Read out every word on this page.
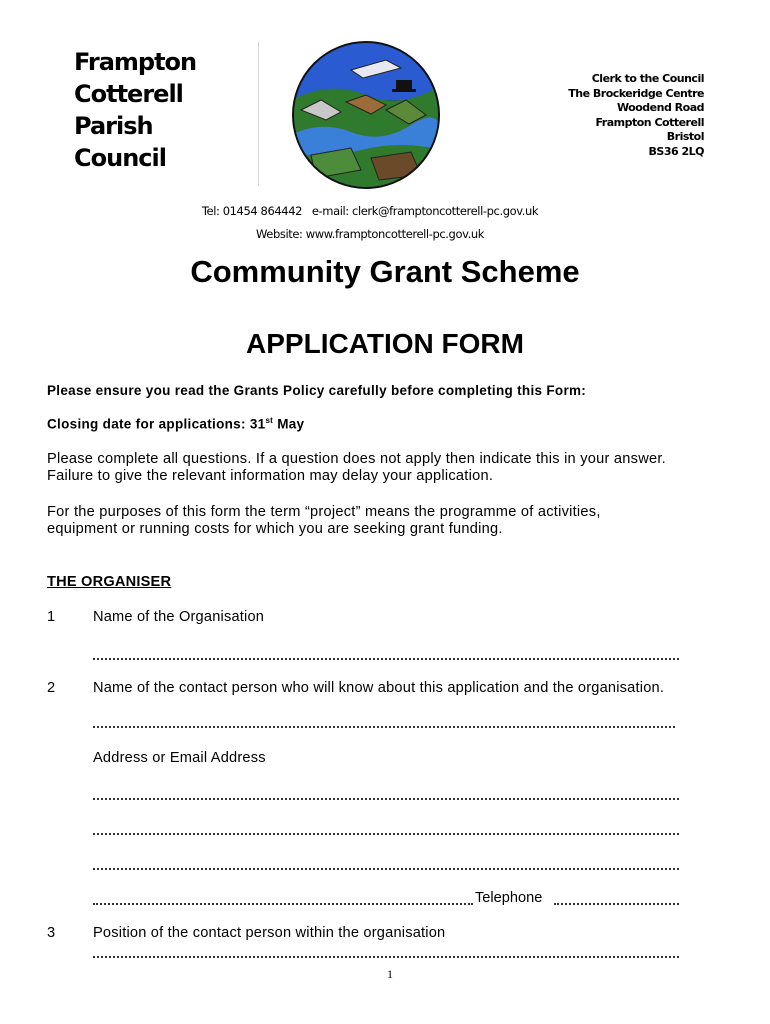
Frampton
Cotterell
Parish
Council
Clerk to the Council
The Brockeridge Centre
Woodend Road
Frampton Cotterell
Bristol
BS36 2LQ
Tel: 01454 864442 e-mail: clerk@framptoncotterell-pc.gov.uk
Website: www.framptoncotterell-pc.gov.uk
Community Grant Scheme
APPLICATION FORM
Please ensure you read the Grants Policy carefully before completing this Form:
Closing date for applications: 31st May
Please complete all questions. If a question does not apply then indicate this in your answer.
Failure to give the relevant information may delay your application.
For the purposes of this form the term “project” means the programme of activities,
equipment or running costs for which you are seeking grant funding.
THE ORGANISER
1	Name of the Organisation
2	Name of the contact person who will know about this application and the organisation.
Address or Email Address
Telephone
3	Position of the contact person within the organisation
1
